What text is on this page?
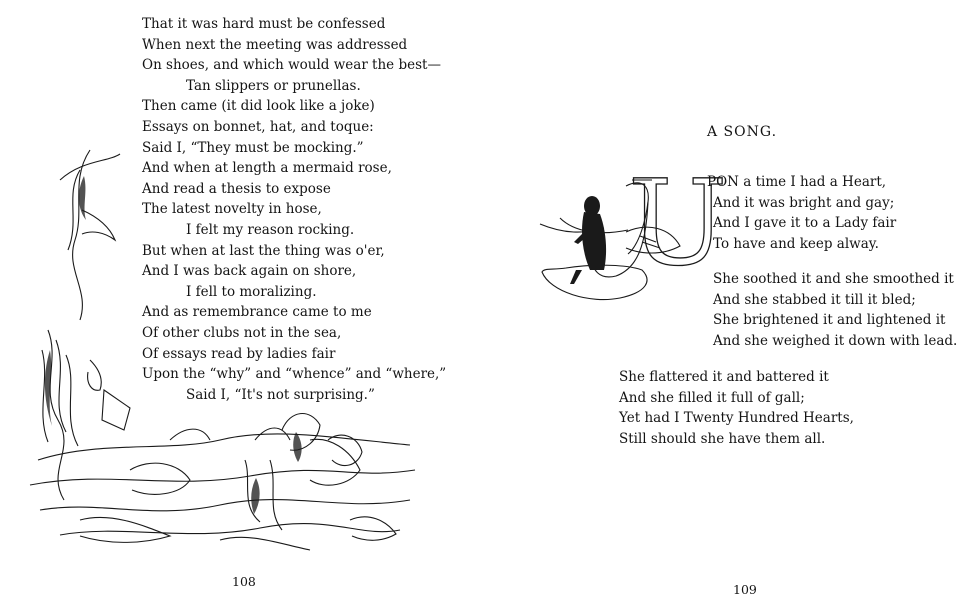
That it was hard must be confessed
When next the meeting was addressed
On shoes, and which would wear the best—
Tan slippers or prunellas.
Then came (it did look like a joke)
Essays on bonnet, hat, and toque:
Said I, “They must be mocking.”
And when at length a mermaid rose,
And read a thesis to expose
The latest novelty in hose,
I felt my reason rocking.
But when at last the thing was o'er,
And I was back again on shore,
I fell to moralizing.
And as remembrance came to me
Of other clubs not in the sea,
Of essays read by ladies fair
Upon the “why” and “whence” and “where,”
Said I, “It's not surprising.”
108
A SONG.
U
PON a time I had a Heart,
And it was bright and gay;
And I gave it to a Lady fair
To have and keep alway.
She soothed it and she smoothed it
And she stabbed it till it bled;
She brightened it and lightened it
And she weighed it down with lead.
She flattered it and battered it
And she filled it full of gall;
Yet had I Twenty Hundred Hearts,
Still should she have them all.
109
